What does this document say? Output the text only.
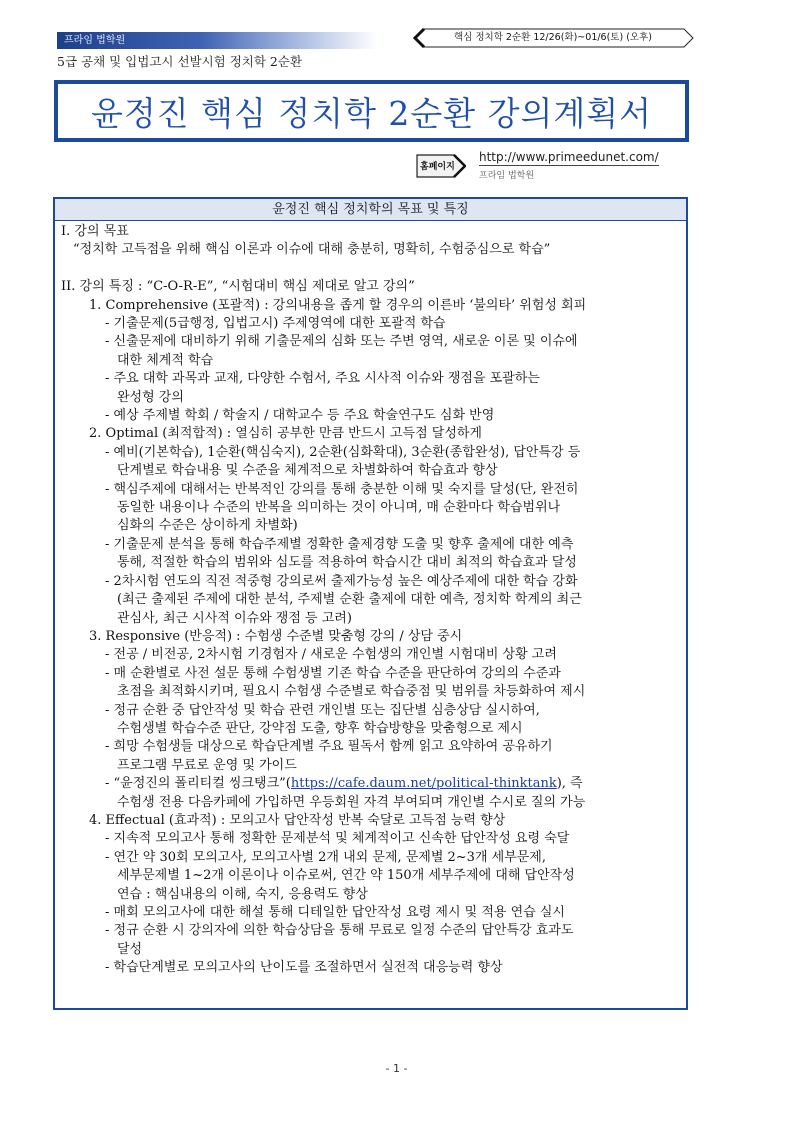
프라임 법학원	핵심 정치학 2순환 12/26(화)~01/6(토) (오후)
5급 공채 및 입법고시 선발시험 정치학 2순환
윤정진 핵심 정치학 2순환 강의계획서
홈페이지
http://www.primeedunet.com/
프라임 법학원
윤정진 핵심 정치학의 목표 및 특징
I. 강의 목표
“정치학 고득점을 위해 핵심 이론과 이슈에 대해 충분히, 명확히, 수험중심으로 학습”
II. 강의 특징 : “C-O-R-E”, “시험대비 핵심 제대로 알고 강의”
1. Comprehensive (포괄적) : 강의내용을 좁게 할 경우의 이른바 ‘불의타’ 위험성 회피
- 기출문제(5급행정, 입법고시) 주제영역에 대한 포괄적 학습
- 신출문제에 대비하기 위해 기출문제의 심화 또는 주변 영역, 새로운 이론 및 이슈에
대한 체계적 학습
- 주요 대학 과목과 교재, 다양한 수험서, 주요 시사적 이슈와 쟁점을 포괄하는
완성형 강의
- 예상 주제별 학회 / 학술지 / 대학교수 등 주요 학술연구도 심화 반영
2. Optimal (최적합적) : 열심히 공부한 만큼 반드시 고득점 달성하게
- 예비(기본학습), 1순환(핵심숙지), 2순환(심화확대), 3순환(종합완성), 답안특강 등
단계별로 학습내용 및 수준을 체계적으로 차별화하여 학습효과 향상
- 핵심주제에 대해서는 반복적인 강의를 통해 충분한 이해 및 숙지를 달성(단, 완전히
동일한 내용이나 수준의 반복을 의미하는 것이 아니며, 매 순환마다 학습범위나
심화의 수준은 상이하게 차별화)
- 기출문제 분석을 통해 학습주제별 정확한 출제경향 도출 및 향후 출제에 대한 예측
통해, 적절한 학습의 범위와 심도를 적용하여 학습시간 대비 최적의 학습효과 달성
- 2차시험 연도의 직전 적중형 강의로써 출제가능성 높은 예상주제에 대한 학습 강화
(최근 출제된 주제에 대한 분석, 주제별 순환 출제에 대한 예측, 정치학 학계의 최근
관심사, 최근 시사적 이슈와 쟁점 등 고려)
3. Responsive (반응적) : 수험생 수준별 맞춤형 강의 / 상담 중시
- 전공 / 비전공, 2차시험 기경험자 / 새로운 수험생의 개인별 시험대비 상황 고려
- 매 순환별로 사전 설문 통해 수험생별 기존 학습 수준을 판단하여 강의의 수준과
초점을 최적화시키며, 필요시 수험생 수준별로 학습중점 및 범위를 차등화하여 제시
- 정규 순환 중 답안작성 및 학습 관련 개인별 또는 집단별 심층상담 실시하여,
수험생별 학습수준 판단, 강약점 도출, 향후 학습방향을 맞춤형으로 제시
- 희망 수험생들 대상으로 학습단계별 주요 필독서 함께 읽고 요약하여 공유하기
프로그램 무료로 운영 및 가이드
- “윤정진의 폴리티컬 씽크탱크”(https://cafe.daum.net/political-thinktank), 즉
수험생 전용 다음카페에 가입하면 우등회원 자격 부여되며 개인별 수시로 질의 가능
4. Effectual (효과적) : 모의고사 답안작성 반복 숙달로 고득점 능력 향상
- 지속적 모의고사 통해 정확한 문제분석 및 체계적이고 신속한 답안작성 요령 숙달
- 연간 약 30회 모의고사, 모의고사별 2개 내외 문제, 문제별 2~3개 세부문제,
세부문제별 1~2개 이론이나 이슈로써, 연간 약 150개 세부주제에 대해 답안작성
연습 : 핵심내용의 이해, 숙지, 응용력도 향상
- 매회 모의고사에 대한 해설 통해 디테일한 답안작성 요령 제시 및 적용 연습 실시
- 정규 순환 시 강의자에 의한 학습상담을 통해 무료로 일정 수준의 답안특강 효과도
달성
- 학습단계별로 모의고사의 난이도를 조절하면서 실전적 대응능력 향상
- 1 -
